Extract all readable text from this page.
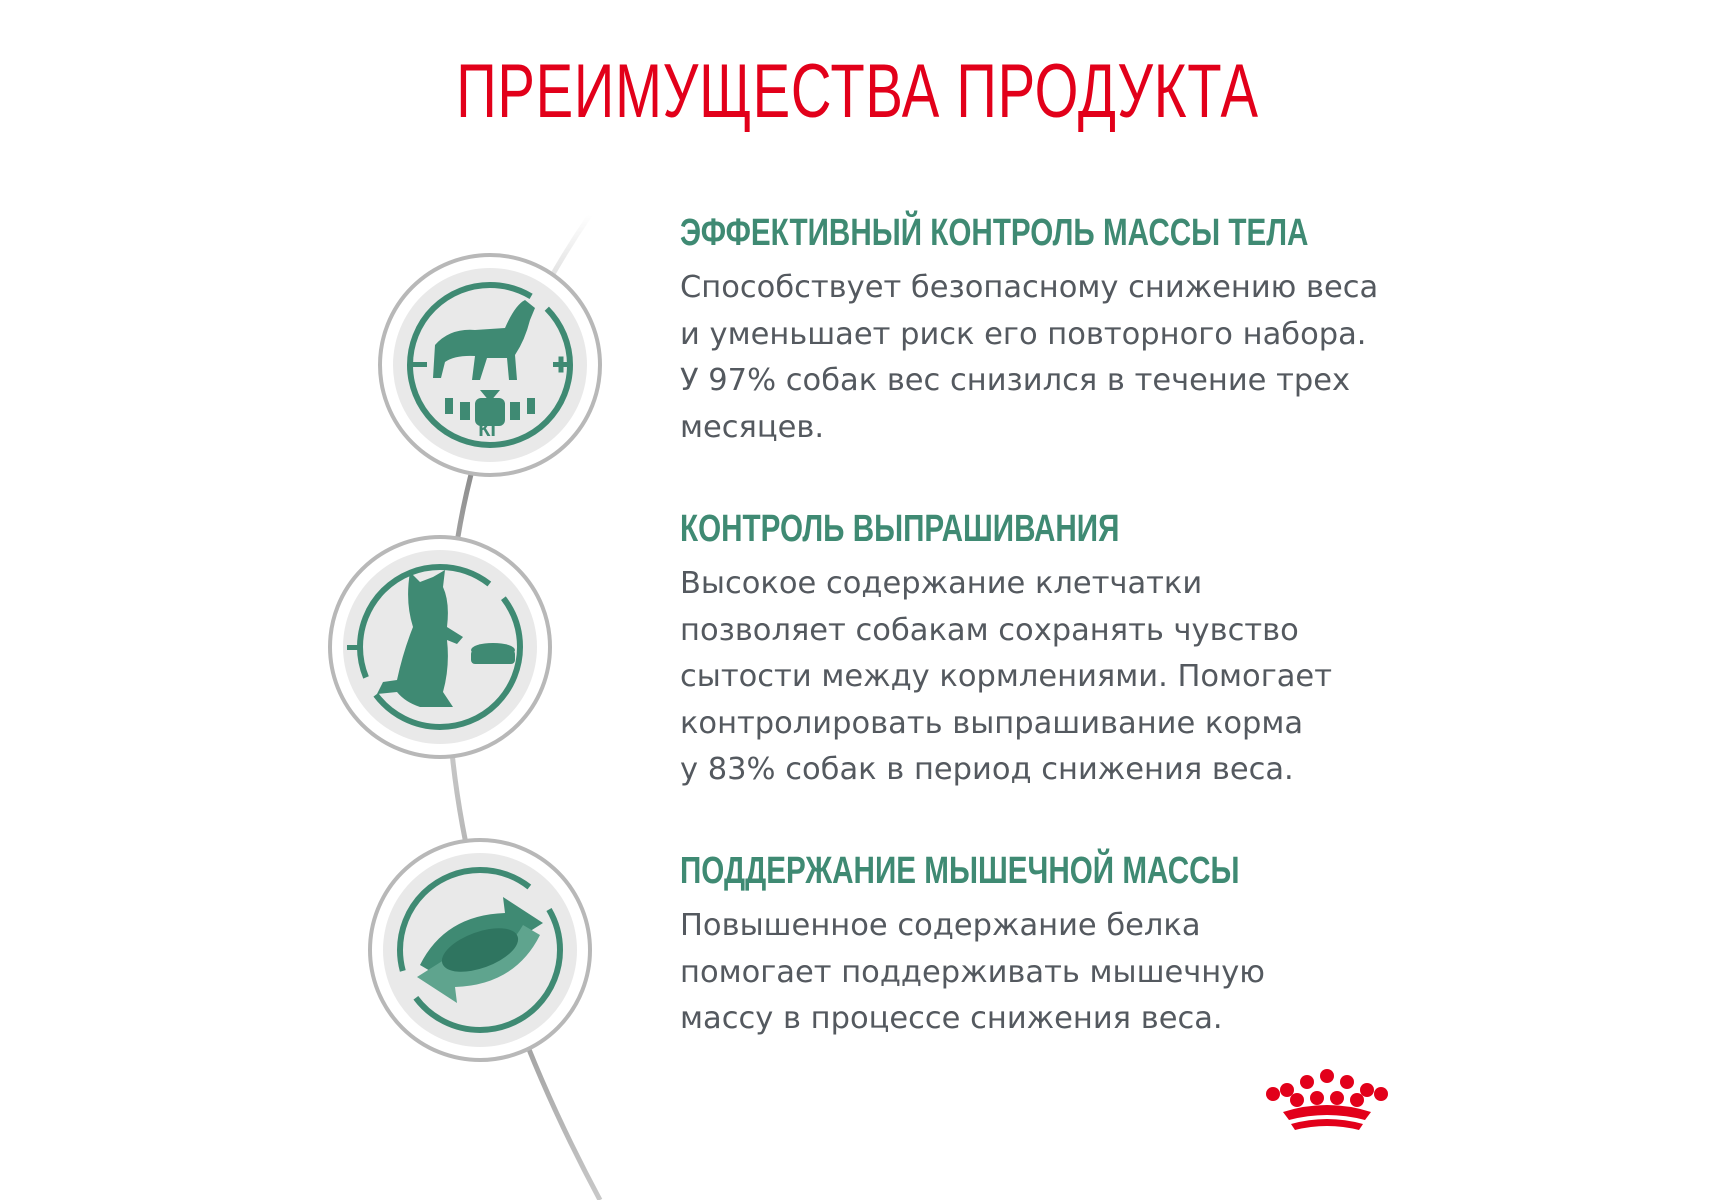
ПРЕИМУЩЕСТВА ПРОДУКТА
КГ
ЭФФЕКТИВНЫЙ КОНТРОЛЬ МАССЫ ТЕЛА

Способствует безопасному снижению веса
и уменьшает риск его повторного набора.
У 97% собак вес снизился в течение трех
месяцев.

КОНТРОЛЬ ВЫПРАШИВАНИЯ

Высокое содержание клетчатки
позволяет собакам сохранять чувство
сытости между кормлениями. Помогает
контролировать выпрашивание корма
у 83% собак в период снижения веса.

ПОДДЕРЖАНИЕ МЫШЕЧНОЙ МАССЫ

Повышенное содержание белка
помогает поддерживать мышечную
массу в процессе снижения веса.
